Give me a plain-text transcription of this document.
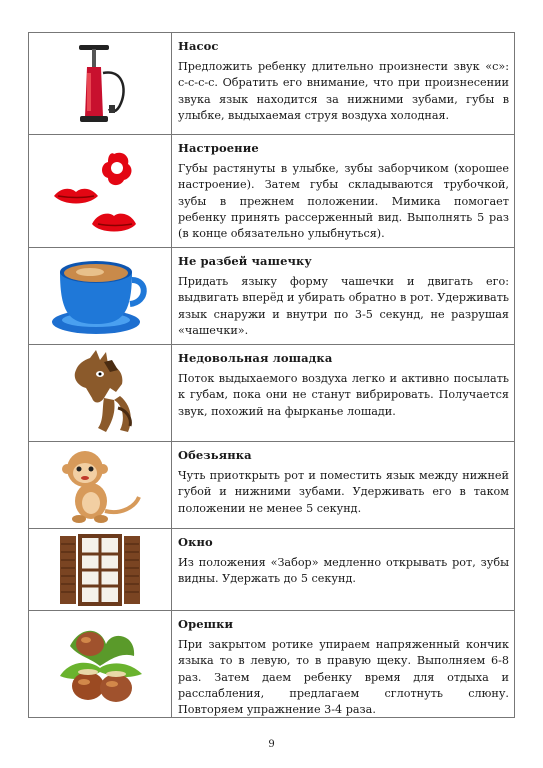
Насос

Предложить ребенку длительно произнести звук «с»: с-с-с-с. Обратить его внимание, что при произнесении звука язык находится за нижними зубами, губы в улыбке, выдыхаемая струя воздуха холодная.

Настроение

Губы растянуты в улыбке, зубы заборчиком (хорошее настроение). Затем губы складываются трубочкой, зубы в прежнем положении. Мимика помогает ребенку принять рассерженный вид. Выполнять 5 раз (в конце обязательно улыбнуться).

Не разбей чашечку

Придать языку форму чашечки и двигать его: выдвигать вперёд и убирать обратно в рот. Удерживать язык снаружи и внутри по 3-5 секунд, не разрушая «чашечки».

Недовольная лошадка

Поток выдыхаемого воздуха легко и активно посылать к губам, пока они не станут вибрировать. Получается звук, похожий на фырканье лошади.

Обезьянка

Чуть приоткрыть рот и поместить язык между нижней губой и нижними зубами. Удерживать его в таком положении не менее 5 секунд.

Окно

Из положения «Забор» медленно открывать рот, зубы видны. Удержать до 5 секунд.

Орешки

При закрытом ротике упираем напряженный кончик языка то в левую, то в правую щеку. Выполняем 6-8 раз. Затем даем ребенку время для отдыха и расслабления, предлагаем сглотнуть слюну. Повторяем упражнение 3-4 раза.

9
